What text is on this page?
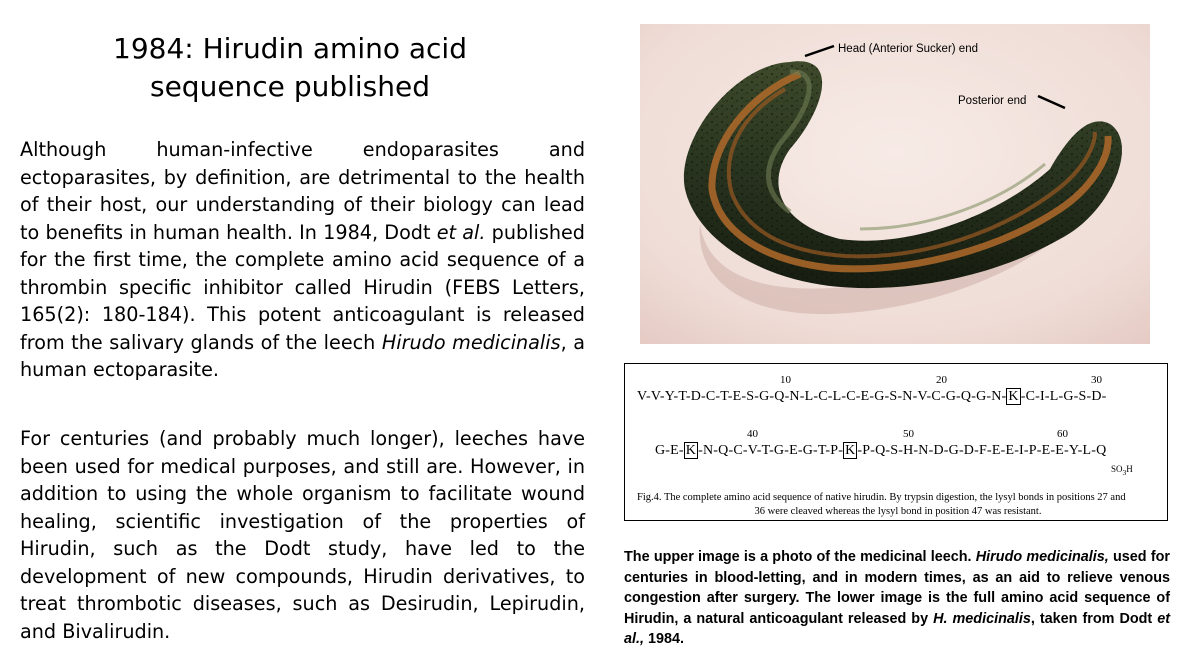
1984: Hirudin amino acid
sequence published
Although human-infective endoparasites and ectoparasites, by definition, are detrimental to the health of their host, our understanding of their biology can lead to benefits in human health. In 1984, Dodt et al. published for the first time, the complete amino acid sequence of a thrombin specific inhibitor called Hirudin (FEBS Letters, 165(2): 180-184). This potent anticoagulant is released from the salivary glands of the leech Hirudo medicinalis, a human ectoparasite.
For centuries (and probably much longer), leeches have been used for medical purposes, and still are. However, in addition to using the whole organism to facilitate wound healing, scientific investigation of the properties of Hirudin, such as the Dodt study, have led to the development of new compounds, Hirudin derivatives, to treat thrombotic diseases, such as Desirudin, Lepirudin, and Bivalirudin.
Head (Anterior Sucker) end
Posterior end
10	20	30
V-V-Y-T-D-C-T-E-S-G-Q-N-L-C-L-C-E-G-S-N-V-C-G-Q-G-N- K -C-I-L-G-S-D-
40	50	60
G-E- K -N-Q-C-V-T-G-E-G-T-P- K -P-Q-S-H-N-D-G-D-F-E-E-I-P-E-E-Y-L-Q
$SO_3H$
Fig.4. The complete amino acid sequence of native hirudin. By trypsin digestion, the lysyl bonds in positions 27 and
36 were cleaved whereas the lysyl bond in position 47 was resistant.
The upper image is a photo of the medicinal leech. Hirudo medicinalis, used for centuries in blood-letting, and in modern times, as an aid to relieve venous congestion after surgery. The lower image is the full amino acid sequence of Hirudin, a natural anticoagulant released by H. medicinalis, taken from Dodt et al., 1984.
